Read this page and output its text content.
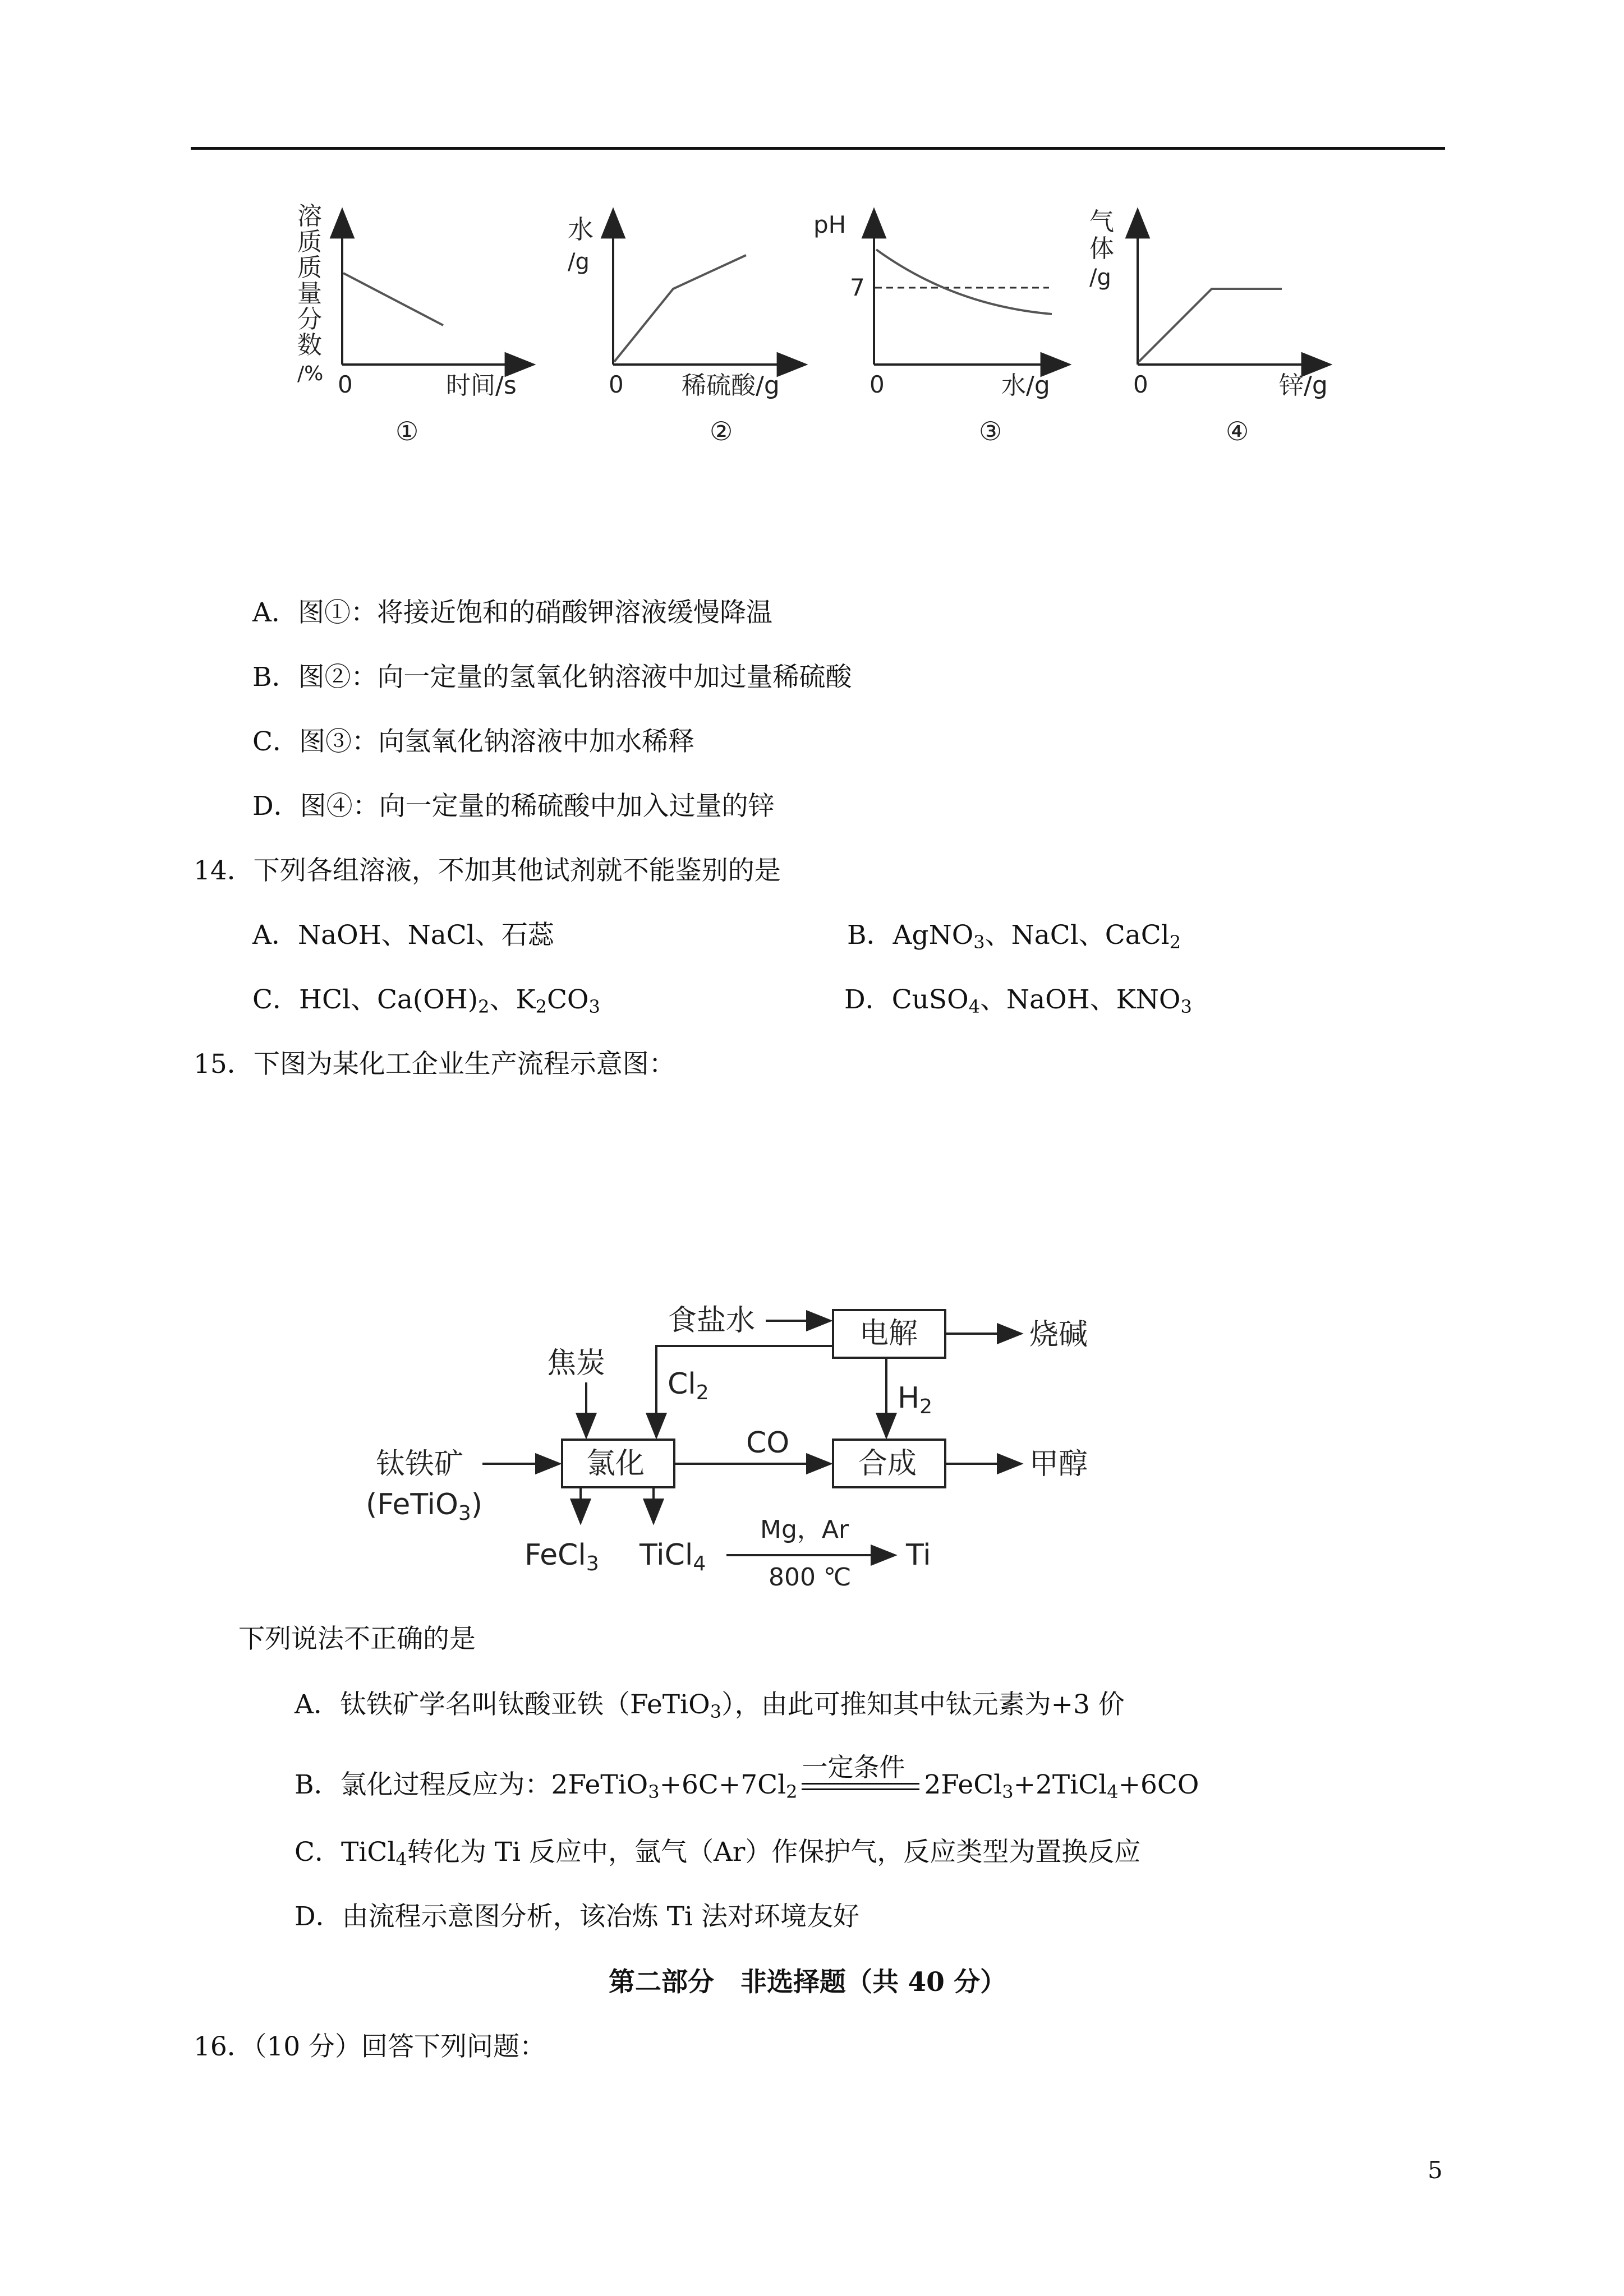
溶
质
质
量
分
数
/% 0	时间/s
①
水
/g
0 稀硫酸/g
②
pH
7
0	水/g
③
气
体
/g
0	锌/g
④
A．图①：将接近饱和的硝酸钾溶液缓慢降温
B．图②：向一定量的氢氧化钠溶液中加过量稀硫酸
C．图③：向氢氧化钠溶液中加水稀释
D．图④：向一定量的稀硫酸中加入过量的锌
14．下列各组溶液，不加其他试剂就不能鉴别的是
A．NaOH、NaCl、石蕊	B．AgNO$_3$、NaCl、CaCl$_2$
C．HCl、$Ca(OH)_2$、$K_2CO_3$	D．CuSO$_4$、NaOH、$KNO_3$
15．下图为某化工企业生产流程示意图：
食盐水	电解	烧碱
焦炭
Cl2	H2
钛铁矿
(FeTiO3)
氯化
CO
合成	甲醇
FeCl3 TiCl4	Ti
Mg，Ar
800 ℃
下列说法不正确的是
A．钛铁矿学名叫钛酸亚铁（FeTiO$_3$），由此可推知其中钛元素为+3 价
B．氯化过程反应为：$2FeTiO_3+6C+7Cl_2$
一定条件
2FeCl$_3$+2TiCl$_4$+6CO
C．TiCl$_4$转化为 Ti 反应中，氩气（Ar）作保护气，反应类型为置换反应
D．由流程示意图分析，该冶炼 Ti 法对环境友好
第二部分　非选择题（共 40 分）
16．（10 分）回答下列问题：
5
